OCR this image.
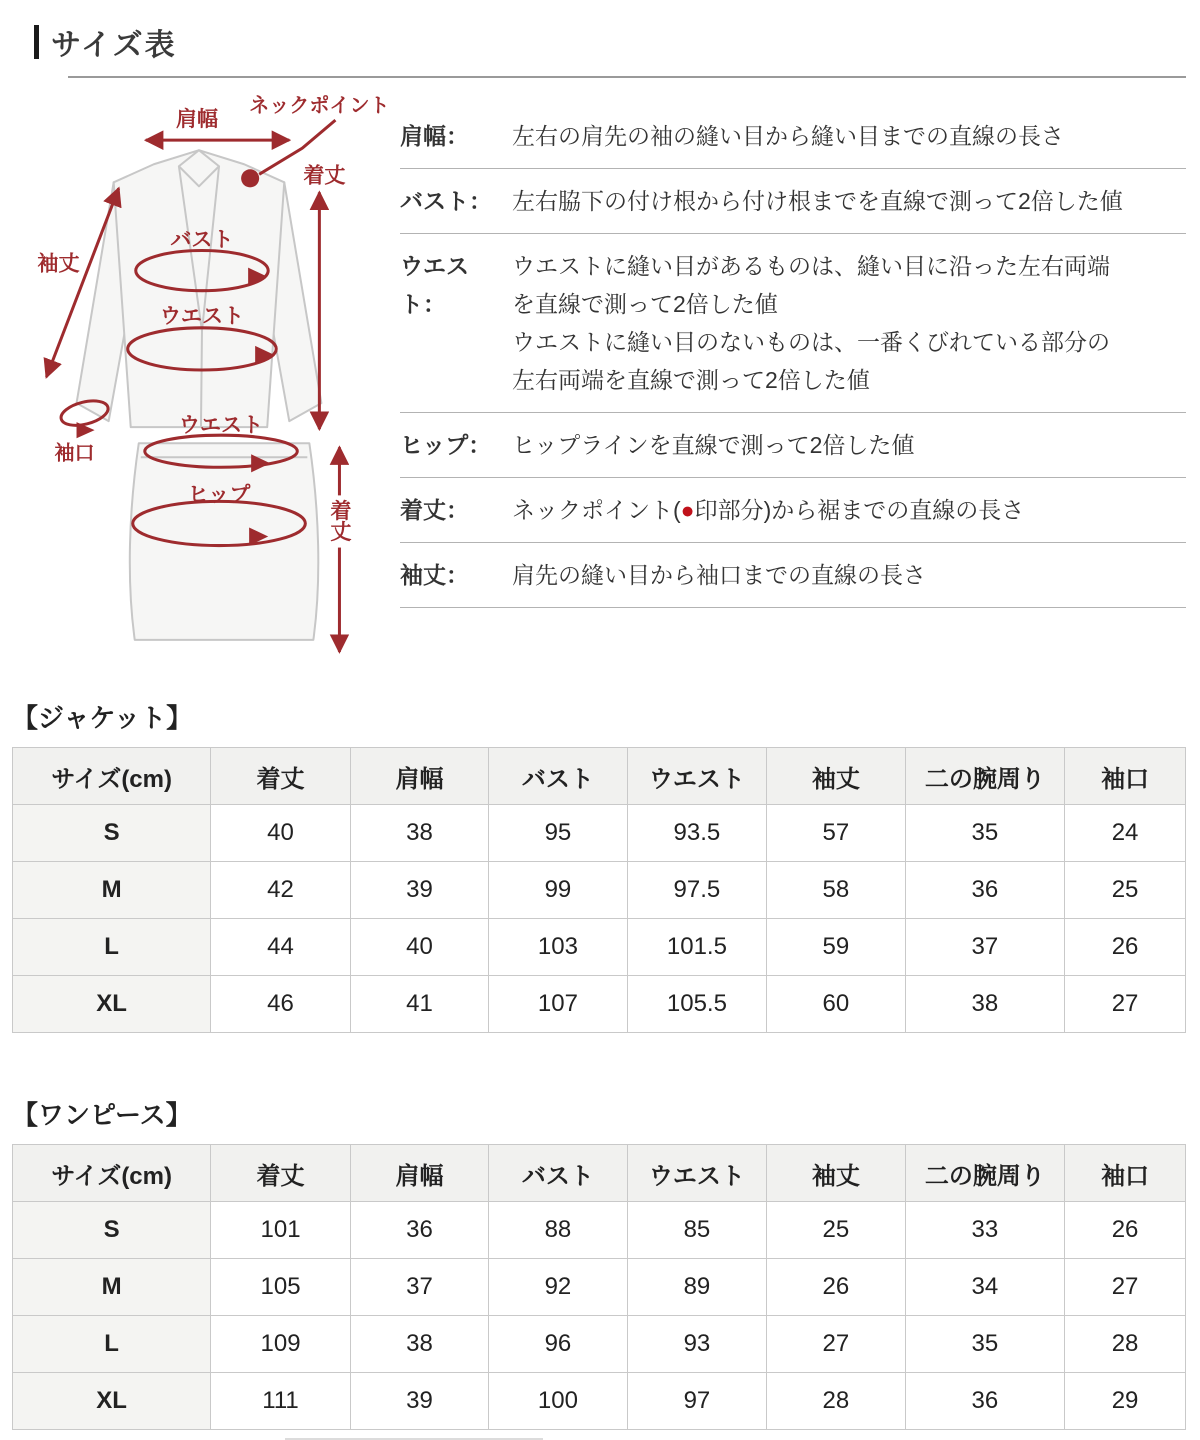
サイズ表
肩幅
ネックポイント
着丈
袖丈
バスト
ウエスト
袖口
ウエスト
ヒップ
着丈
肩幅：	左右の肩先の袖の縫い目から縫い目までの直線の長さ
バスト： 左右脇下の付け根から付け根までを直線で測って2倍した値
ウエスト：
ウエストに縫い目があるものは、縫い目に沿った左右両端
を直線で測って2倍した値
ウエストに縫い目のないものは、一番くびれている部分の
左右両端を直線で測って2倍した値
ヒップ： ヒップラインを直線で測って2倍した値
着丈：	ネックポイント(●印部分)から裾までの直線の長さ
袖丈：	肩先の縫い目から袖口までの直線の長さ
【ジャケット】
サイズ(cm)	着丈	肩幅	バスト	ウエスト	袖丈	二の腕周り	袖口
S	40	38	95	93.5	57	35	24
M	42	39	99	97.5	58	36	25
L	44	40	103	101.5	59	37	26
XL	46	41	107	105.5	60	38	27
【ワンピース】
サイズ(cm)	着丈	肩幅	バスト	ウエスト	袖丈	二の腕周り	袖口
S	101	36	88	85	25	33	26
M	105	37	92	89	26	34	27
L	109	38	96	93	27	35	28
XL	111	39	100	97	28	36	29
